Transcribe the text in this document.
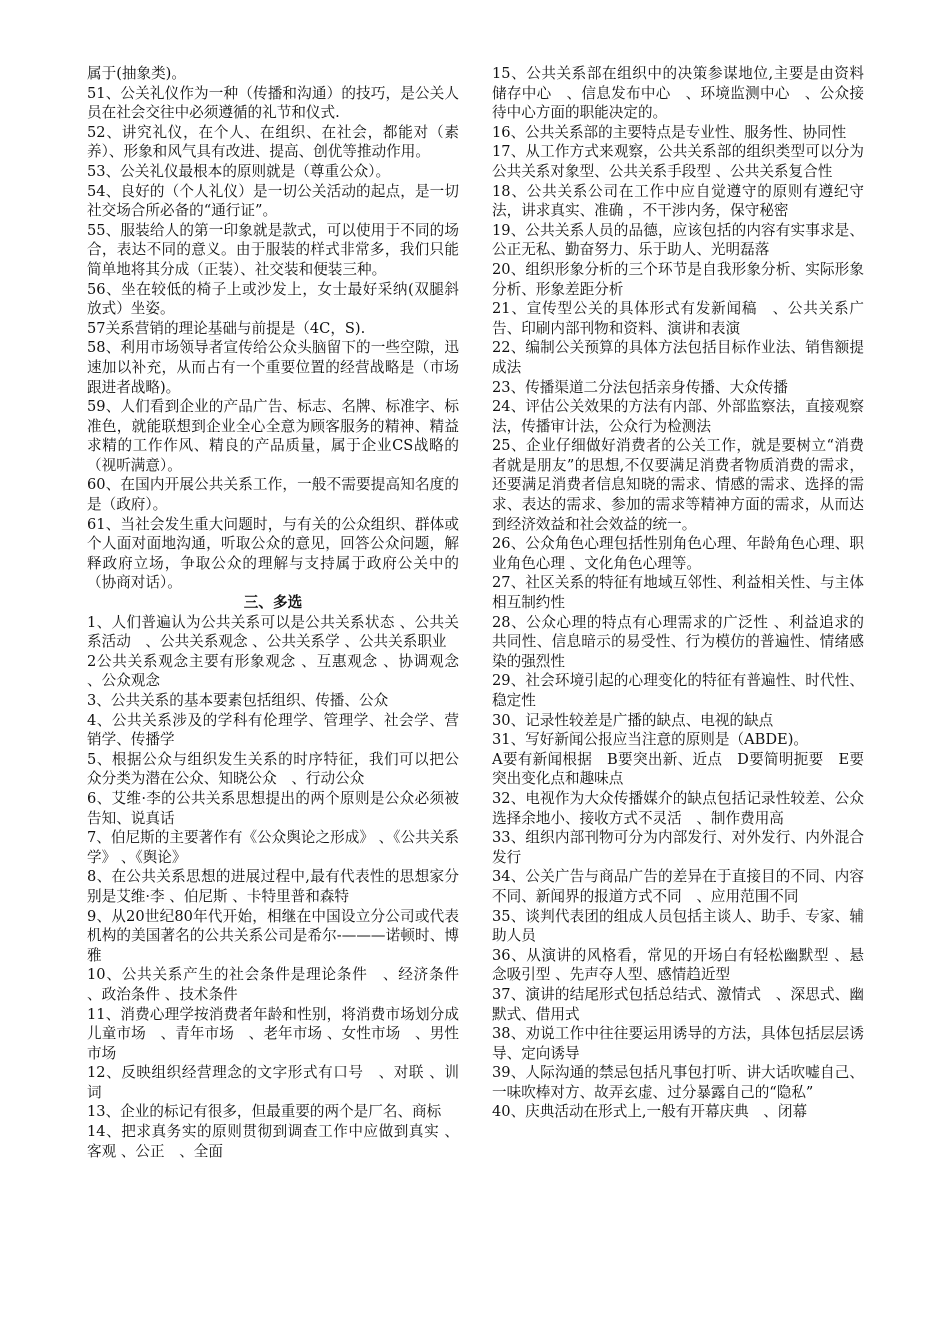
属于(抽象类)。

51、公关礼仪作为一种（传播和沟通）的技巧，是公关人员在社会交往中必须遵循的礼节和仪式.

52、讲究礼仪，在个人、在组织、在社会，都能对（素养）、形象和风气具有改进、提高、创优等推动作用。

53、公关礼仪最根本的原则就是（尊重公众）。

54、良好的（个人礼仪）是一切公关活动的起点，是一切社交场合所必备的“通行证”。

55、服装给人的第一印象就是款式，可以使用于不同的场合，表达不同的意义。由于服装的样式非常多，我们只能简单地将其分成（正装）、社交装和便装三种。

56、坐在较低的椅子上或沙发上，女士最好采纳(双腿斜放式）坐姿。

57关系营销的理论基础与前提是（4C，S).

58、利用市场领导者宣传给公众头脑留下的一些空隙，迅速加以补充，从而占有一个重要位置的经营战略是（市场跟进者战略)。

59、人们看到企业的产品广告、标志、名牌、标准字、标准色，就能联想到企业全心全意为顾客服务的精神、精益求精的工作作风、精良的产品质量，属于企业CS战略的（视听满意）。

60、在国内开展公共关系工作，一般不需要提高知名度的是（政府）。

61、当社会发生重大问题时，与有关的公众组织、群体或个人面对面地沟通，听取公众的意见，回答公众问题，解释政府立场，争取公众的理解与支持属于政府公关中的（协商对话）。

三、多选

1、人们普遍认为公共关系可以是公共关系状态 、公共关系活动　、公共关系观念 、公共关系学 、公共关系职业

2公共关系观念主要有形象观念 、互惠观念 、协调观念 、公众观念

3、公共关系的基本要素包括组织、传播、公众

4、公共关系涉及的学科有伦理学、管理学、社会学、营销学、传播学

5、根据公众与组织发生关系的时序特征，我们可以把公众分类为潜在公众、知晓公众　、行动公众

6、艾维·李的公共关系思想提出的两个原则是公众必须被告知、说真话

7、伯尼斯的主要著作有《公众舆论之形成》 、《公共关系学》 、《舆论》

8、在公共关系思想的进展过程中,最有代表性的思想家分别是艾维·李 、伯尼斯 、卡特里普和森特

9、从20世纪80年代开始，相继在中国设立分公司或代表机构的美国著名的公共关系公司是希尔-———诺顿时、博雅

10、公共关系产生的社会条件是理论条件　、经济条件 、政治条件 、技术条件

11、消费心理学按消费者年龄和性别，将消费市场划分成儿童市场　、青年市场　、老年市场 、女性市场　、男性市场

12、反映组织经营理念的文字形式有口号　、对联 、训词

13、企业的标记有很多，但最重要的两个是厂名、商标

14、把求真务实的原则贯彻到调查工作中应做到真实 、客观 、公正　、全面

15、公共关系部在组织中的决策参谋地位,主要是由资料储存中心　、信息发布中心　、环境监测中心　、公众接待中心方面的职能决定的。

16、公共关系部的主要特点是专业性、服务性、协同性

17、从工作方式来观察，公共关系部的组织类型可以分为公共关系对象型、公共关系手段型 、公共关系复合性

18、公共关系公司在工作中应自觉遵守的原则有遵纪守法，讲求真实、准确 ，不干涉内务，保守秘密

19、公共关系人员的品德，应该包括的内容有实事求是、公正无私、勤奋努力、乐于助人、光明磊落

20、组织形象分析的三个环节是自我形象分析、实际形象分析、形象差距分析

21、宣传型公关的具体形式有发新闻稿　、公共关系广告、印刷内部刊物和资料、演讲和表演

22、编制公关预算的具体方法包括目标作业法、销售额提成法

23、传播渠道二分法包括亲身传播、大众传播

24、评估公关效果的方法有内部、外部监察法，直接观察法，传播审计法，公众行为检测法

25、企业仔细做好消费者的公关工作，就是要树立“消费者就是朋友”的思想,不仅要满足消费者物质消费的需求，还要满足消费者信息知晓的需求、情感的需求、选择的需求、表达的需求、参加的需求等精神方面的需求，从而达到经济效益和社会效益的统一。

26、公众角色心理包括性别角色心理、年龄角色心理、职业角色心理 、文化角色心理等。

27、社区关系的特征有地域互邻性、利益相关性、与主体相互制约性

28、公众心理的特点有心理需求的广泛性 、利益追求的共同性、信息暗示的易受性、行为模仿的普遍性、情绪感染的强烈性

29、社会环境引起的心理变化的特征有普遍性、时代性、稳定性

30、记录性较差是广播的缺点、电视的缺点

31、写好新闻公报应当注意的原则是（ABDE)。

A要有新闻根据　B要突出新、近点　D要简明扼要　E要突出变化点和趣味点

32、电视作为大众传播媒介的缺点包括记录性较差、公众选择余地小、接收方式不灵活　、制作费用高

33、组织内部刊物可分为内部发行、对外发行、内外混合发行

34、公关广告与商品广告的差异在于直接目的不同、内容不同、新闻界的报道方式不同　、应用范围不同

35、谈判代表团的组成人员包括主谈人、助手、专家、辅助人员

36、从演讲的风格看，常见的开场白有轻松幽默型 、悬念吸引型 、先声夺人型、感情趋近型

37、演讲的结尾形式包括总结式、激情式　、深思式、幽默式、借用式

38、劝说工作中往往要运用诱导的方法，具体包括层层诱导、定向诱导

39、人际沟通的禁忌包括凡事包打听、讲大话吹嘘自己、一味吹棒对方、故弄玄虚、过分暴露自己的“隐私”

40、庆典活动在形式上,一般有开幕庆典　、闭幕
